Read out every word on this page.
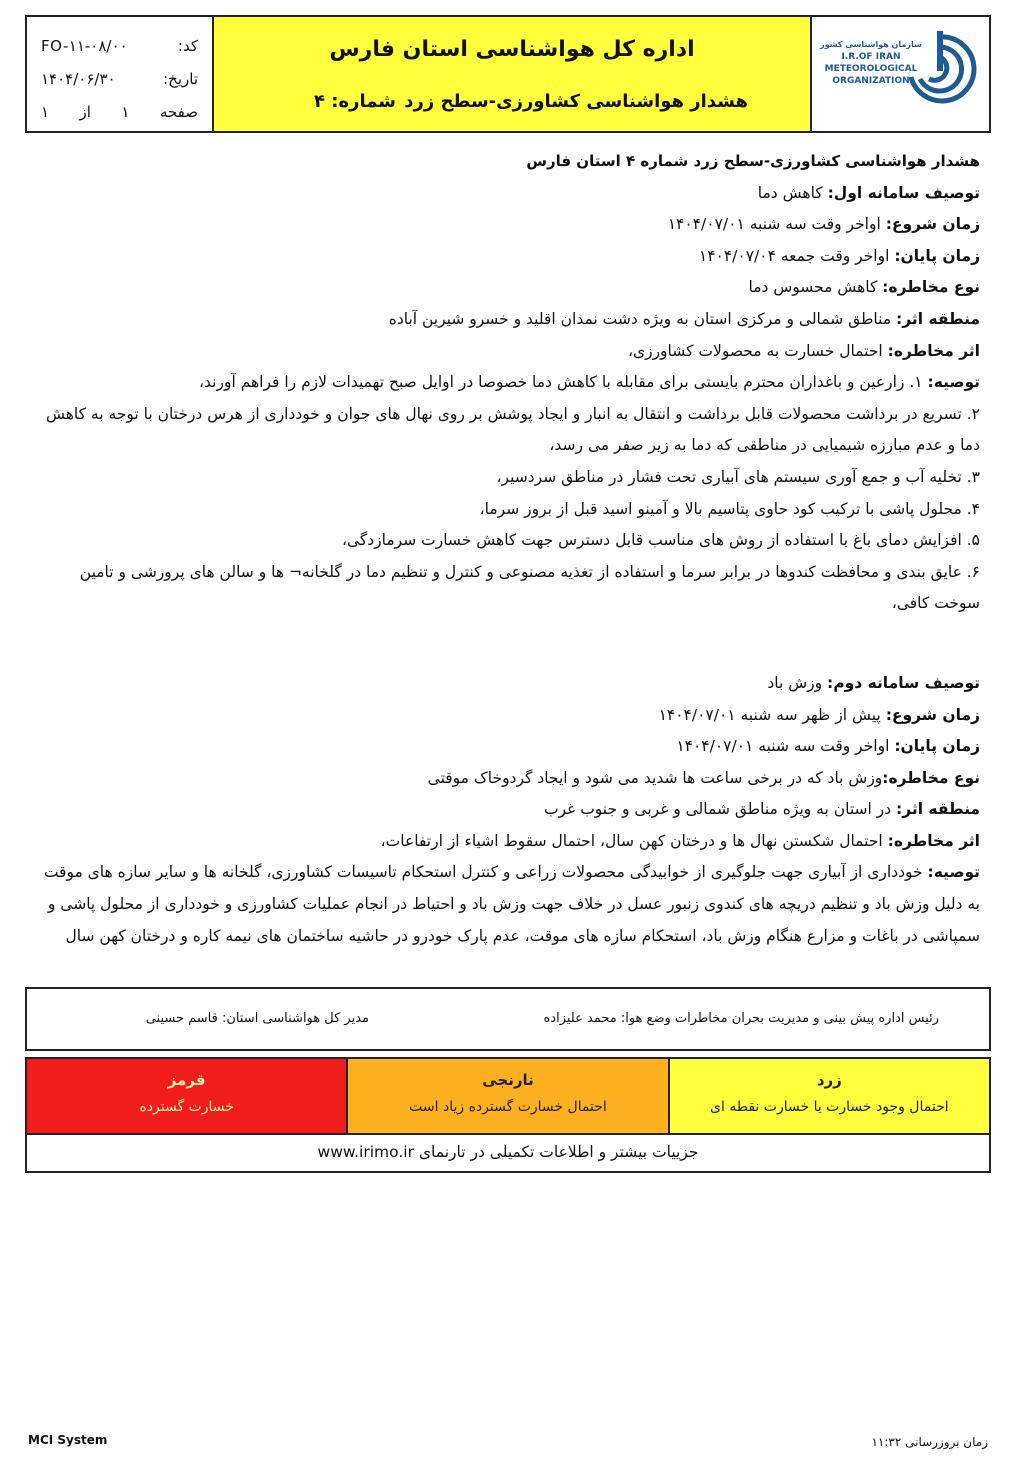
کد:
FO-۱۱-۰۸/۰۰
تاریخ:
۱۴۰۴/۰۶/۳۰
صفحه
۱
از
۱
اداره کل هواشناسی استان فارس
هشدار هواشناسی کشاورزی-سطح زرد
شماره: ۴
سازمان هواشناسی کشور
I.R.OF IRAN
METEOROLOGICAL
ORGANIZATION

هشدار هواشناسی کشاورزی-سطح زرد شماره ۴ استان فارس

توصیف سامانه اول: کاهش دما

زمان شروع: اواخر وقت سه شنبه ۱۴۰۴/۰۷/۰۱

زمان پایان: اواخر وقت جمعه ۱۴۰۴/۰۷/۰۴

نوع مخاطره: کاهش محسوس دما

منطقه اثر: مناطق شمالی و مرکزی استان به ویژه دشت نمدان اقلید و خسرو شیرین آباده

اثر مخاطره: احتمال خسارت به محصولات کشاورزی،

توصیه: ۱. زارعین و باغداران محترم بایستی برای مقابله با کاهش دما خصوصا در اوایل صبح تهمیدات لازم را فراهم آورند،

۲. تسریع در برداشت محصولات قابل برداشت و انتقال به انبار و ایجاد پوشش بر روی نهال های جوان و خودداری از هرس درختان با توجه به کاهش دما و عدم مبارزه شیمیایی در مناطقی که دما به زیر صفر می رسد،

۳. تخلیه آب و جمع آوری سیستم های آبیاری تحت فشار در مناطق سردسیر،

۴. محلول پاشی با ترکیب کود حاوی پتاسیم بالا و آمینو اسید قبل از بروز سرما،

۵. افزایش دمای باغ با استفاده از روش های مناسب قابل دسترس جهت کاهش خسارت سرمازدگی،

۶. عایق بندی و محافظت کندوها در برابر سرما و استفاده از تغذیه مصنوعی و کنترل و تنظیم دما در گلخانه¬ ها و سالن های پرورشی و تامین سوخت کافی،

توصیف سامانه دوم: وزش باد

زمان شروع: پیش از ظهر سه شنبه ۱۴۰۴/۰۷/۰۱

زمان پایان: اواخر وقت سه شنبه ۱۴۰۴/۰۷/۰۱

نوع مخاطره:وزش باد که در برخی ساعت ها شدید می شود و ایجاد گردوخاک موقتی

منطقه اثر: در استان به ویژه مناطق شمالی و غربی و جنوب غرب

اثر مخاطره: احتمال شکستن نهال ها و درختان کهن سال، احتمال سقوط اشیاء از ارتفاعات،

توصیه: خودداری از آبیاری جهت جلوگیری از خوابیدگی محصولات زراعی و کنترل استحکام تاسیسات کشاورزی، گلخانه ها و سایر سازه های موقت به دلیل وزش باد و تنظیم دریچه های کندوی زنبور عسل در خلاف جهت وزش باد و احتیاط در انجام عملیات کشاورزی و خودداری از محلول پاشی و سمپاشی در باغات و مزارع هنگام وزش باد، استحکام سازه های موقت، عدم پارک خودرو در حاشیه ساختمان های نیمه کاره و درختان کهن سال

رئیس اداره پیش بینی و مدیریت بحران مخاطرات وضع هوا: محمد علیزاده
مدیر کل هواشناسی استان: قاسم حسینی
زرد
احتمال وجود خسارت یا خسارت نقطه ای
نارنجی
احتمال خسارت گسترده زیاد است
قرمز
خسارت گسترده
جزییات بیشتر و اطلاعات تکمیلی در تارنمای www.irimo.ir
MCI System	زمان بروزرسانی ۱۱:۳۲
